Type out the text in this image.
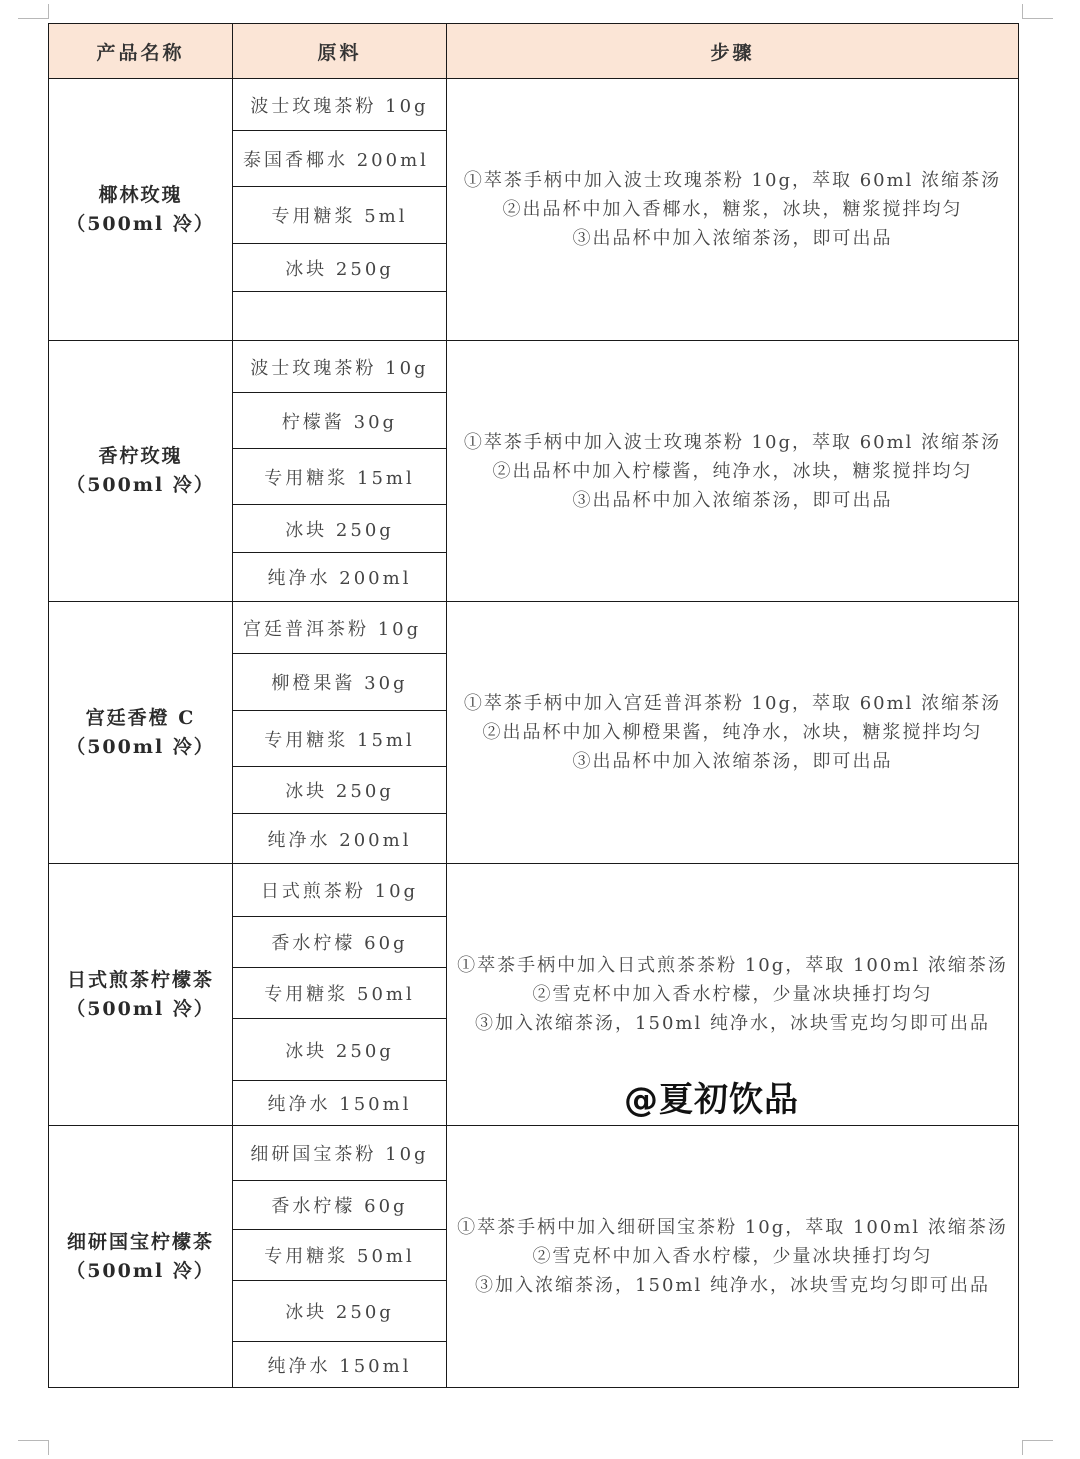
产品名称	原料	步骤

椰林玫瑰
（500ml 冷）	波士玫瑰茶粉 10g	①萃茶手柄中加入波士玫瑰茶粉 10g，萃取 60ml 浓缩茶汤
②出品杯中加入香椰水，糖浆，冰块，糖浆搅拌均匀
③出品杯中加入浓缩茶汤，即可出品

	泰国香椰水 200ml	
	专用糖浆 5ml	
	冰块 250g	

香柠玫瑰
（500ml 冷）	波士玫瑰茶粉 10g	①萃茶手柄中加入波士玫瑰茶粉 10g，萃取 60ml 浓缩茶汤
②出品杯中加入柠檬酱，纯净水，冰块，糖浆搅拌均匀
③出品杯中加入浓缩茶汤，即可出品

	柠檬酱 30g	
	专用糖浆 15ml	
	冰块 250g	
	纯净水 200ml	

宫廷香橙 C
（500ml 冷）	宫廷普洱茶粉 10g	①萃茶手柄中加入宫廷普洱茶粉 10g，萃取 60ml 浓缩茶汤
②出品杯中加入柳橙果酱，纯净水，冰块，糖浆搅拌均匀
③出品杯中加入浓缩茶汤，即可出品

	柳橙果酱 30g	
	专用糖浆 15ml	
	冰块 250g	
	纯净水 200ml	

日式煎茶柠檬茶
（500ml 冷）	日式煎茶粉 10g	①萃茶手柄中加入日式煎茶茶粉 10g，萃取 100ml 浓缩茶汤
②雪克杯中加入香水柠檬，少量冰块捶打均匀
③加入浓缩茶汤，150ml 纯净水，冰块雪克均匀即可出品

	香水柠檬 60g	
	专用糖浆 50ml	
	冰块 250g	
	纯净水 150ml	

细研国宝柠檬茶
（500ml 冷）	细研国宝茶粉 10g	①萃茶手柄中加入细研国宝茶粉 10g，萃取 100ml 浓缩茶汤
②雪克杯中加入香水柠檬，少量冰块捶打均匀
③加入浓缩茶汤，150ml 纯净水，冰块雪克均匀即可出品

	香水柠檬 60g	
	专用糖浆 50ml	
	冰块 250g	
	纯净水 150ml	
@夏初饮品
